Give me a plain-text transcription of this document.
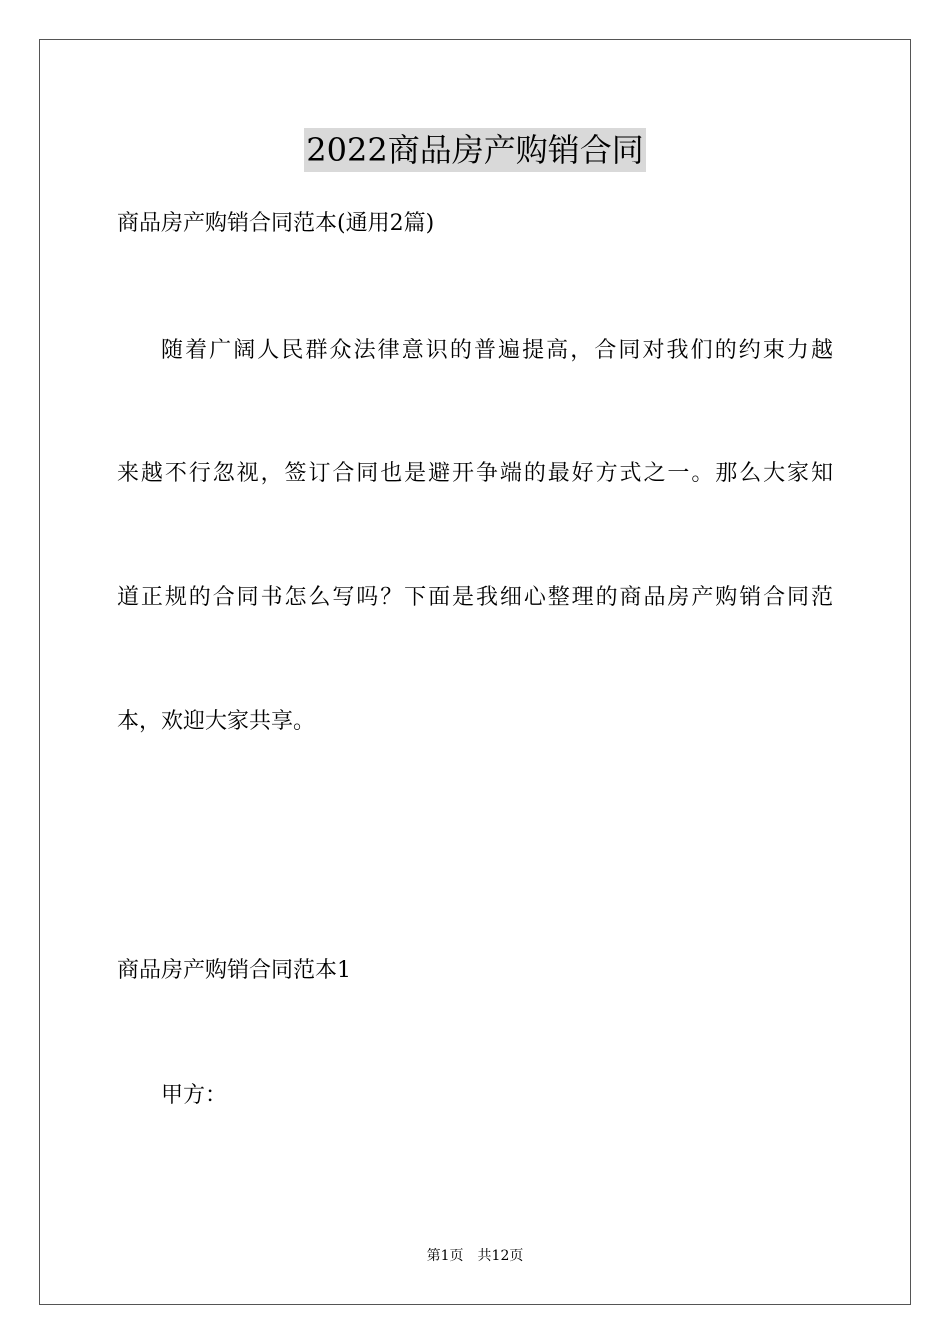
2022商品房产购销合同
商品房产购销合同范本(通用2篇)
随着广阔人民群众法律意识的普遍提高，合同对我们的约束力越
来越不行忽视，签订合同也是避开争端的最好方式之一。那么大家知
道正规的合同书怎么写吗？下面是我细心整理的商品房产购销合同范
本，欢迎大家共享。
商品房产购销合同范本1
甲方：
第1页 共12页
